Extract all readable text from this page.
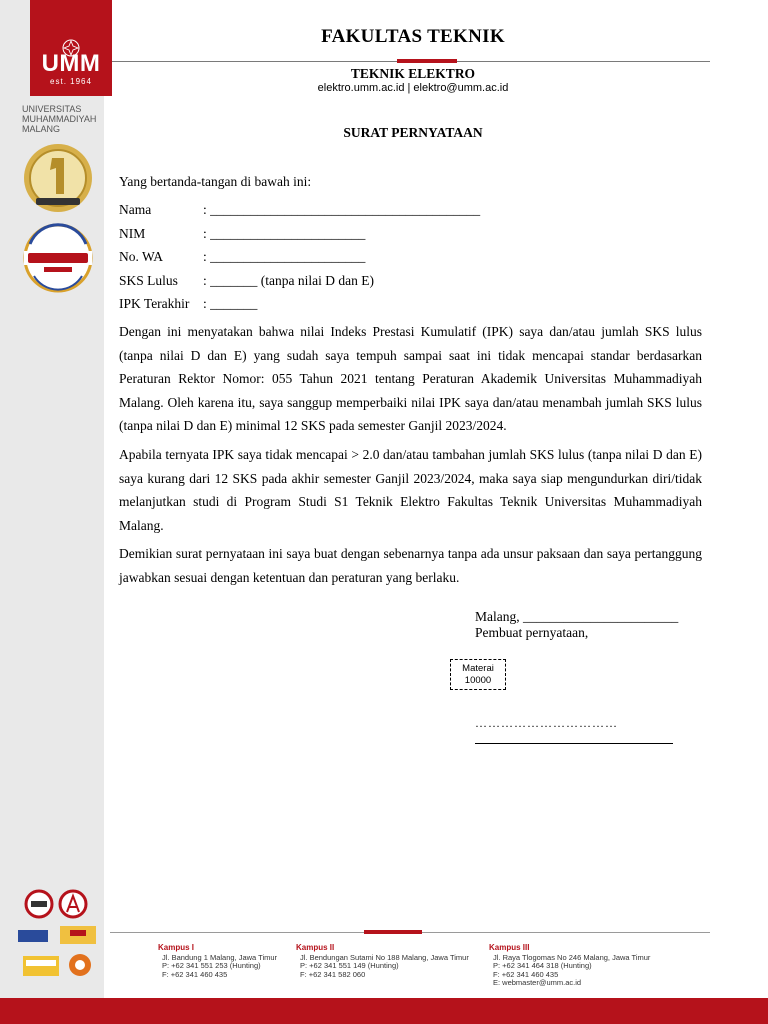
UMM
est. 1964
UNIVERSITAS
MUHAMMADIYAH
MALANG
FAKULTAS TEKNIK
TEKNIK ELEKTRO
elektro.umm.ac.id | elektro@umm.ac.id
SURAT PERNYATAAN
Yang bertanda-tangan di bawah ini:
Nama	: ________________________________________
NIM	: _______________________
No. WA	: _______________________
SKS Lulus : _______ (tanpa nilai D dan E)
IPK Terakhir : _______
Dengan ini menyatakan bahwa nilai Indeks Prestasi Kumulatif (IPK) saya dan/atau jumlah SKS lulus (tanpa nilai D dan E) yang sudah saya tempuh sampai saat ini tidak mencapai standar berdasarkan Peraturan Rektor Nomor: 055 Tahun 2021 tentang Peraturan Akademik Universitas Muhammadiyah Malang. Oleh karena itu, saya sanggup memperbaiki nilai IPK saya dan/atau menambah jumlah SKS lulus (tanpa nilai D dan E) minimal 12 SKS pada semester Ganjil 2023/2024.
Apabila ternyata IPK saya tidak mencapai > 2.0 dan/atau tambahan jumlah SKS lulus (tanpa nilai D dan E) saya kurang dari 12 SKS pada akhir semester Ganjil 2023/2024, maka saya siap mengundurkan diri/tidak melanjutkan studi di Program Studi S1 Teknik Elektro Fakultas Teknik Universitas Muhammadiyah Malang.
Demikian surat pernyataan ini saya buat dengan sebenarnya tanpa ada unsur paksaan dan saya pertanggung jawabkan sesuai dengan ketentuan dan peraturan yang berlaku.
Malang, _______________________
Pembuat pernyataan,
Materai
10000
……………………………
Kampus I
Jl. Bandung 1 Malang, Jawa Timur
P: +62 341 551 253 (Hunting)
F: +62 341 460 435
Kampus II
Jl. Bendungan Sutami No 188 Malang, Jawa Timur
P: +62 341 551 149 (Hunting)
F: +62 341 582 060
Kampus III
Jl. Raya Tlogomas No 246 Malang, Jawa Timur
P: +62 341 464 318 (Hunting)
F: +62 341 460 435
E: webmaster@umm.ac.id
